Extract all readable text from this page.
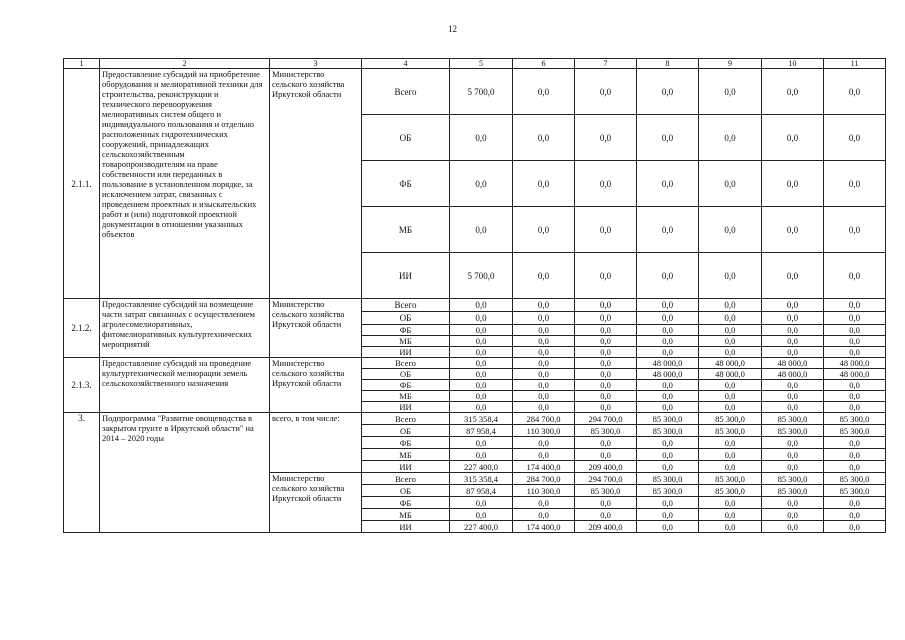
12
1	2	3	4	5	6	7	8	9	10	11
2.1.1.	Предоставление субсидий на приобретение оборудования и мелиоративной техники для строительства, реконструкции и технического перевооружения мелиоративных систем общего и индивидуального пользования и отдельно расположенных гидротехнических сооружений, принадлежащих сельскохозяйственным товаропроизводителям на праве собственности или переданных в пользование в установленном порядке, за исключением затрат, связанных с проведением проектных и изыскательских работ и (или) подготовкой проектной документации в отношении указанных объектов	Министерство сельского хозяйства Иркутской области	Всего	5 700,0	0,0	0,0	0,0	0,0	0,0	0,0
			ОБ	0,0	0,0	0,0	0,0	0,0	0,0	0,0
			ФБ	0,0	0,0	0,0	0,0	0,0	0,0	0,0
			МБ	0,0	0,0	0,0	0,0	0,0	0,0	0,0
			ИИ	5 700,0	0,0	0,0	0,0	0,0	0,0	0,0
2.1.2.	Предоставление субсидий на возмещение части затрат связанных с осуществлением агролесомелиоративных, фитомелиоративных культуртехнических мероприятий	Министерство сельского хозяйства Иркутской области	Всего	0,0	0,0	0,0	0,0	0,0	0,0	0,0
			ОБ	0,0	0,0	0,0	0,0	0,0	0,0	0,0
			ФБ	0,0	0,0	0,0	0,0	0,0	0,0	0,0
			МБ	0,0	0,0	0,0	0,0	0,0	0,0	0,0
			ИИ	0,0	0,0	0,0	0,0	0,0	0,0	0,0
2.1.3.	Предоставление субсидий на проведение культуртехнической мелиорации земель сельскохозяйственного назначения	Министерство сельского хозяйства Иркутской области	Всего	0,0	0,0	0,0	48 000,0	48 000,0	48 000,0	48 000,0
			ОБ	0,0	0,0	0,0	48 000,0	48 000,0	48 000,0	48 000,0
			ФБ	0,0	0,0	0,0	0,0	0,0	0,0	0,0
			МБ	0,0	0,0	0,0	0,0	0,0	0,0	0,0
			ИИ	0,0	0,0	0,0	0,0	0,0	0,0	0,0
3.	Подпрограмма "Развитие овощеводства в закрытом грунте в Иркутской области" на 2014 – 2020 годы	всего, в том числе:	Всего	315 358,4	284 700,0	294 700,0	85 300,0	85 300,0	85 300,0	85 300,0
			ОБ	87 958,4	110 300,0	85 300,0	85 300,0	85 300,0	85 300,0	85 300,0
			ФБ	0,0	0,0	0,0	0,0	0,0	0,0	0,0
			МБ	0,0	0,0	0,0	0,0	0,0	0,0	0,0
			ИИ	227 400,0	174 400,0	209 400,0	0,0	0,0	0,0	0,0
		Министерство сельского хозяйства Иркутской области	Всего	315 358,4	284 700,0	294 700,0	85 300,0	85 300,0	85 300,0	85 300,0
			ОБ	87 958,4	110 300,0	85 300,0	85 300,0	85 300,0	85 300,0	85 300,0
			ФБ	0,0	0,0	0,0	0,0	0,0	0,0	0,0
			МБ	0,0	0,0	0,0	0,0	0,0	0,0	0,0
			ИИ	227 400,0	174 400,0	209 400,0	0,0	0,0	0,0	0,0
